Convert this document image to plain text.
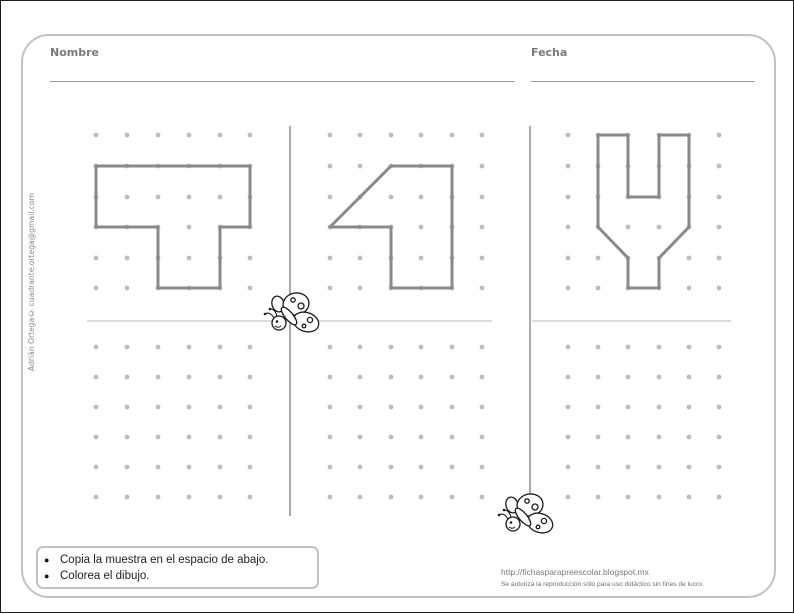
Nombre	Fecha
Adrián Ortega© cuadrante.ortega@gmail.com
● Copia la muestra en el espacio de abajo.
● Colorea el dibujo.	http://fichasparapreescolar.blogspot.mx
Se autoriza la reproducción sólo para uso didáctico sin fines de lucro.
